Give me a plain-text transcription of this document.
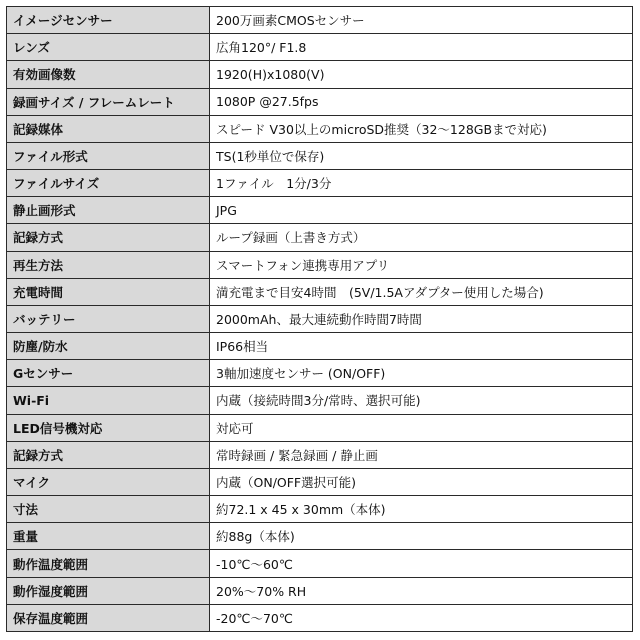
イメージセンサー	200万画素CMOSセンサー
レンズ	広角120°/ F1.8
有効画像数	1920(H)x1080(V)
録画サイズ / フレームレート	1080P @27.5fps
記録媒体	スピード V30以上のmicroSD推奨（32～128GBまで対応)
ファイル形式	TS(1秒単位で保存)
ファイルサイズ	1ファイル　1分/3分
静止画形式	JPG
記録方式	ループ録画（上書き方式）
再生方法	スマートフォン連携専用アプリ
充電時間	満充電まで目安4時間　(5V/1.5Aアダプター使用した場合)
バッテリー	2000mAh、最大連続動作時間7時間
防塵/防水	IP66相当
Gセンサー	3軸加速度センサー (ON/OFF)
Wi-Fi	内蔵（接続時間3分/常時、選択可能)
LED信号機対応	対応可
記録方式	常時録画 / 緊急録画 / 静止画
マイク	内蔵（ON/OFF選択可能)
寸法	約72.1 x 45 x 30mm（本体)
重量	約88g（本体)
動作温度範囲	-10℃～60℃
動作湿度範囲	20%～70% RH
保存温度範囲	-20℃～70℃
